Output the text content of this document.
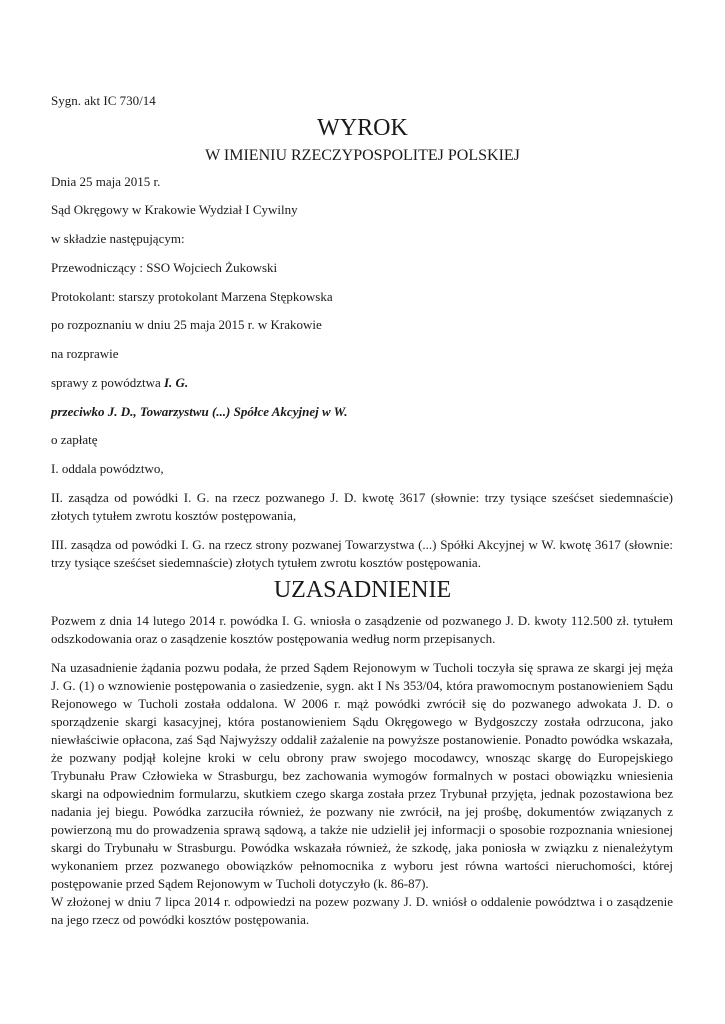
Sygn. akt IC 730/14

WYROK

W IMIENIU RZECZYPOSPOLITEJ POLSKIEJ

Dnia 25 maja 2015 r.

Sąd Okręgowy w Krakowie Wydział I Cywilny

w składzie następującym:

Przewodniczący : SSO Wojciech Żukowski

Protokolant: starszy protokolant Marzena Stępkowska

po rozpoznaniu w dniu 25 maja 2015 r. w Krakowie

na rozprawie

sprawy z powództwa I. G.

przeciwko J. D., Towarzystwu (...) Spółce Akcyjnej w W.

o zapłatę

I. oddala powództwo,

II. zasądza od powódki I. G. na rzecz pozwanego J. D. kwotę 3617 (słownie: trzy tysiące sześćset siedemnaście) złotych tytułem zwrotu kosztów postępowania,

III. zasądza od powódki I. G. na rzecz strony pozwanej Towarzystwa (...) Spółki Akcyjnej w W. kwotę 3617 (słownie: trzy tysiące sześćset siedemnaście) złotych tytułem zwrotu kosztów postępowania.

UZASADNIENIE

Pozwem z dnia 14 lutego 2014 r. powódka I. G. wniosła o zasądzenie od pozwanego J. D. kwoty 112.500 zł. tytułem odszkodowania oraz o zasądzenie kosztów postępowania według norm przepisanych.

Na uzasadnienie żądania pozwu podała, że przed Sądem Rejonowym w Tucholi toczyła się sprawa ze skargi jej męża J. G. (1) o wznowienie postępowania o zasiedzenie, sygn. akt I Ns 353/04, która prawomocnym postanowieniem Sądu Rejonowego w Tucholi została oddalona. W 2006 r. mąż powódki zwrócił się do pozwanego adwokata J. D. o sporządzenie skargi kasacyjnej, która postanowieniem Sądu Okręgowego w Bydgoszczy została odrzucona, jako niewłaściwie opłacona, zaś Sąd Najwyższy oddalił zażalenie na powyższe postanowienie. Ponadto powódka wskazała, że pozwany podjął kolejne kroki w celu obrony praw swojego mocodawcy, wnosząc skargę do Europejskiego Trybunału Praw Człowieka w Strasburgu, bez zachowania wymogów formalnych w postaci obowiązku wniesienia skargi na odpowiednim formularzu, skutkiem czego skarga została przez Trybunał przyjęta, jednak pozostawiona bez nadania jej biegu. Powódka zarzuciła również, że pozwany nie zwrócił, na jej prośbę, dokumentów związanych z powierzoną mu do prowadzenia sprawą sądową, a także nie udzielił jej informacji o sposobie rozpoznania wniesionej skargi do Trybunału w Strasburgu. Powódka wskazała również, że szkodę, jaka poniosła w związku z nienależytym wykonaniem przez pozwanego obowiązków pełnomocnika z wyboru jest równa wartości nieruchomości, której postępowanie przed Sądem Rejonowym w Tucholi dotyczyło (k. 86-87).

W złożonej w dniu 7 lipca 2014 r. odpowiedzi na pozew pozwany J. D. wniósł o oddalenie powództwa i o zasądzenie na jego rzecz od powódki kosztów postępowania.
